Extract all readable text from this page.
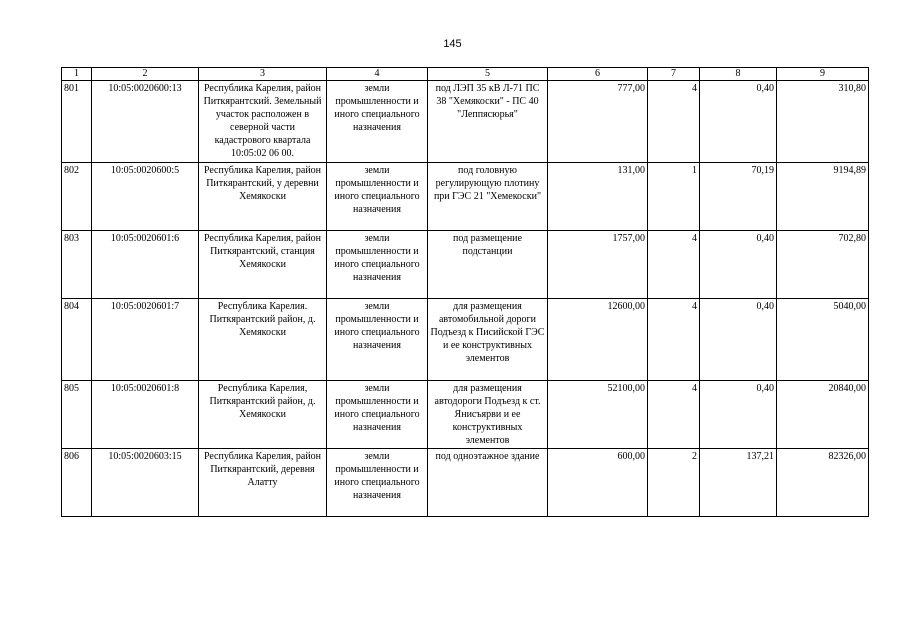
145
1	2	3	4	5	6	7	8	9
801	10:05:0020600:13	Республика Карелия, район Питкярантский. Земельный участок расположен в северной части кадастрового квартала 10:05:02 06 00.	земли промышленности и иного специального назначения	под ЛЭП 35 кВ Л-71 ПС 38 "Хемякоски" - ПС 40 "Леппясюрья"	777,00	4	0,40	310,80
802	10:05:0020600:5	Республика Карелия, район Питкярантский, у деревни Хемякоски	земли промышленности и иного специального назначения	под головную регулирующую плотину при ГЭС 21 "Хемекоски"	131,00	1	70,19	9194,89
803	10:05:0020601:6	Республика Карелия, район Питкярантский, станция Хемякоски	земли промышленности и иного специального назначения	под размещение подстанции	1757,00	4	0,40	702,80
804	10:05:0020601:7	Республика Карелия. Питкярантский район, д. Хемякоски	земли промышленности и иного специального назначения	для размещения автомобильной дороги Подъезд к Писийской ГЭС и ее конструктивных элементов	12600,00	4	0,40	5040,00
805	10:05:0020601:8	Республика Карелия, Питкярантский район, д. Хемякоски	земли промышленности и иного специального назначения	для размещения автодороги Подъезд к ст. Янисъярви и ее конструктивных элементов	52100,00	4	0,40	20840,00
806	10:05:0020603:15	Республика Карелия, район Питкярантский, деревня Алатту	земли промышленности и иного специального назначения	под одноэтажное здание	600,00	2	137,21	82326,00
